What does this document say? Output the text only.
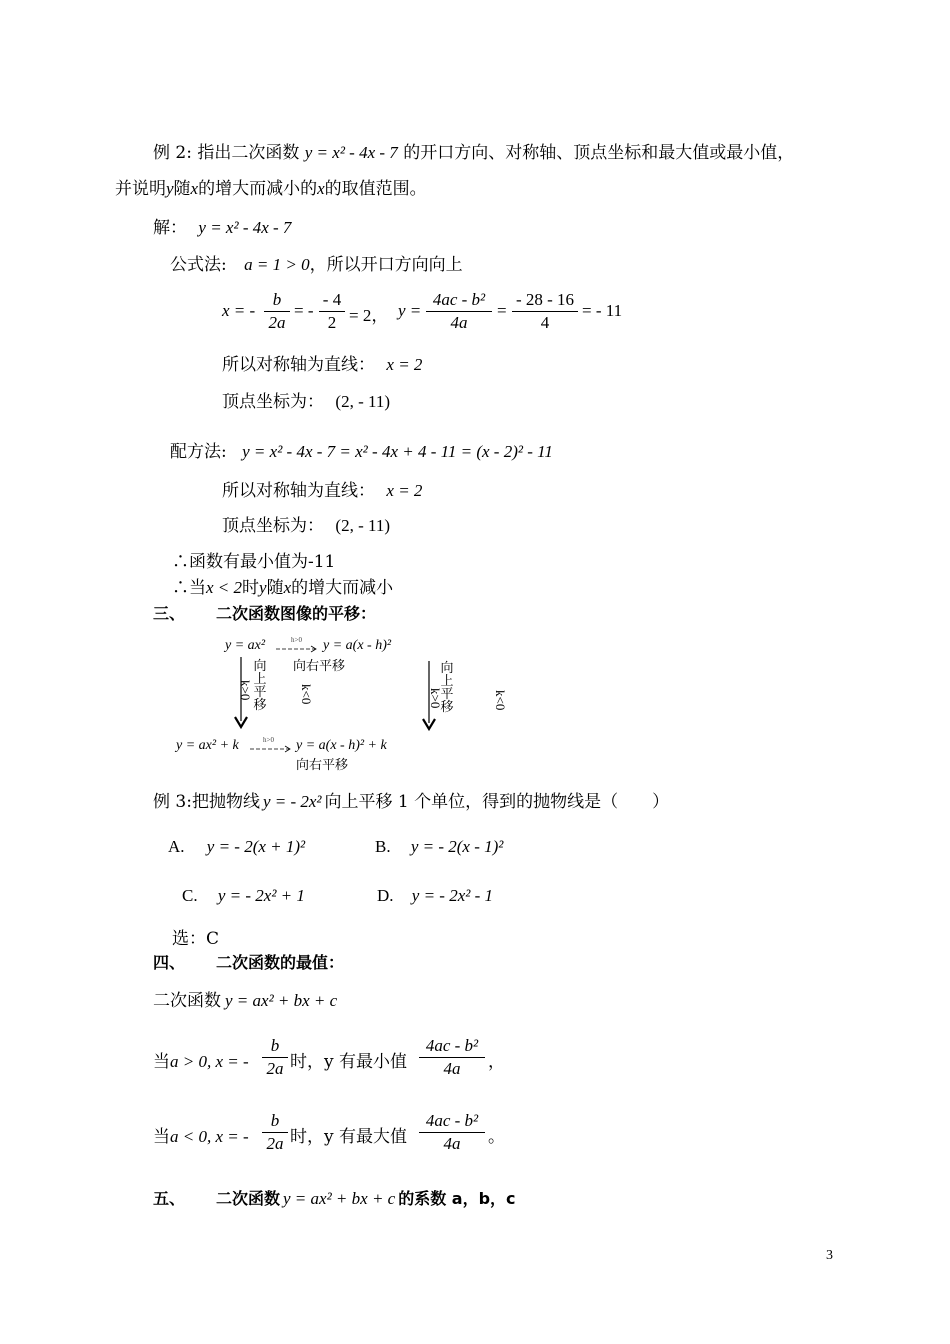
例 2: 指出二次函数 y = x² - 4x - 7 的开口方向、对称轴、顶点坐标和最大值或最小值，
并说明y随x的增大而减小的x的取值范围。
解： y = x² - 4x - 7
公式法: a = 1 > 0，所以开口方向向上
x = -
b
2a
= -
- 4
2 = 2， y =
4ac - b²
4a
=
- 28 - 16
4
= - 11
所以对称轴为直线： x = 2
顶点坐标为： (2, - 11)
配方法: y = x² - 4x - 7 = x² - 4x + 4 - 11 = (x - 2)² - 11
所以对称轴为直线： x = 2
顶点坐标为： (2, - 11)
∴函数有最小值为-11
∴当x < 2时y随x的增大而减小
三、 二次函数图像的平移：
y = ax²	h>0 y = a(x - h)²
向右平移
向上平移
k>0	k<0
向上平移
k>0	k<0
y = ax² + k	h>0 y = a(x - h)² + k
向右平移
例 3:把抛物线 y = - 2x² 向上平移 1 个单位，得到的抛物线是（　　）
A. y = - 2(x + 1)²	B. y = - 2(x - 1)²
C. y = - 2x² + 1	D. y = - 2x² - 1
选：C
四、 二次函数的最值：
二次函数 y = ax² + bx + c
当a > 0, x = -
b
2a 时，y 有最小值
4ac - b²
4a	，
当a < 0, x = -
b
2a 时，y 有最大值
4ac - b²
4a	。
五、 二次函数 y = ax² + bx + c 的系数 a，b，c
3
